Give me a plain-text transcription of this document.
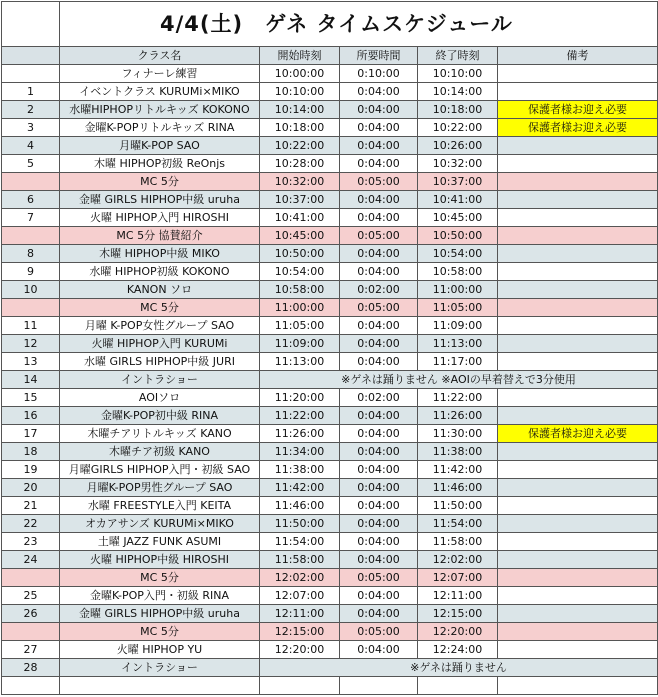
	4/4(土)　ゲネ タイムスケジュール				
	クラス名	開始時刻	所要時間	終了時刻	備考
	フィナーレ練習	10:00:00	0:10:00	10:10:00	
1	イベントクラス KURUMi×MIKO	10:10:00	0:04:00	10:14:00	
2	水曜HIPHOPリトルキッズ KOKONO	10:14:00	0:04:00	10:18:00	保護者様お迎え必要
3	金曜K-POPリトルキッズ RINA	10:18:00	0:04:00	10:22:00	保護者様お迎え必要
4	月曜K-POP SAO	10:22:00	0:04:00	10:26:00	
5	木曜 HIPHOP初級 ReOnjs	10:28:00	0:04:00	10:32:00	
	MC 5分	10:32:00	0:05:00	10:37:00	
6	金曜 GIRLS HIPHOP中級 uruha	10:37:00	0:04:00	10:41:00	
7	火曜 HIPHOP入門 HIROSHI	10:41:00	0:04:00	10:45:00	
	MC 5分 協賛紹介	10:45:00	0:05:00	10:50:00	
8	木曜 HIPHOP中級 MIKO	10:50:00	0:04:00	10:54:00	
9	水曜 HIPHOP初級 KOKONO	10:54:00	0:04:00	10:58:00	
10	KANON ソロ	10:58:00	0:02:00	11:00:00	
	MC 5分	11:00:00	0:05:00	11:05:00	
11	月曜 K-POP女性グループ SAO	11:05:00	0:04:00	11:09:00	
12	火曜 HIPHOP入門 KURUMi	11:09:00	0:04:00	11:13:00	
13	水曜 GIRLS HIPHOP中級 JURI	11:13:00	0:04:00	11:17:00	
14	イントラショー	※ゲネは踊りません ※AOIの早着替えで3分使用			
15	AOIソロ	11:20:00	0:02:00	11:22:00	
16	金曜K-POP初中級 RINA	11:22:00	0:04:00	11:26:00	
17	木曜チアリトルキッズ KANO	11:26:00	0:04:00	11:30:00	保護者様お迎え必要
18	木曜チア初級 KANO	11:34:00	0:04:00	11:38:00	
19	月曜GIRLS HIPHOP入門・初級 SAO	11:38:00	0:04:00	11:42:00	
20	月曜K-POP男性グループ SAO	11:42:00	0:04:00	11:46:00	
21	水曜 FREESTYLE入門 KEITA	11:46:00	0:04:00	11:50:00	
22	オカアサンズ KURUMi×MIKO	11:50:00	0:04:00	11:54:00	
23	土曜 JAZZ FUNK ASUMI	11:54:00	0:04:00	11:58:00	
24	火曜 HIPHOP中級 HIROSHI	11:58:00	0:04:00	12:02:00	
	MC 5分	12:02:00	0:05:00	12:07:00	
25	金曜K-POP入門・初級 RINA	12:07:00	0:04:00	12:11:00	
26	金曜 GIRLS HIPHOP中級 uruha	12:11:00	0:04:00	12:15:00	
	MC 5分	12:15:00	0:05:00	12:20:00	
27	火曜 HIPHOP YU	12:20:00	0:04:00	12:24:00	
28	イントラショー	※ゲネは踊りません			
